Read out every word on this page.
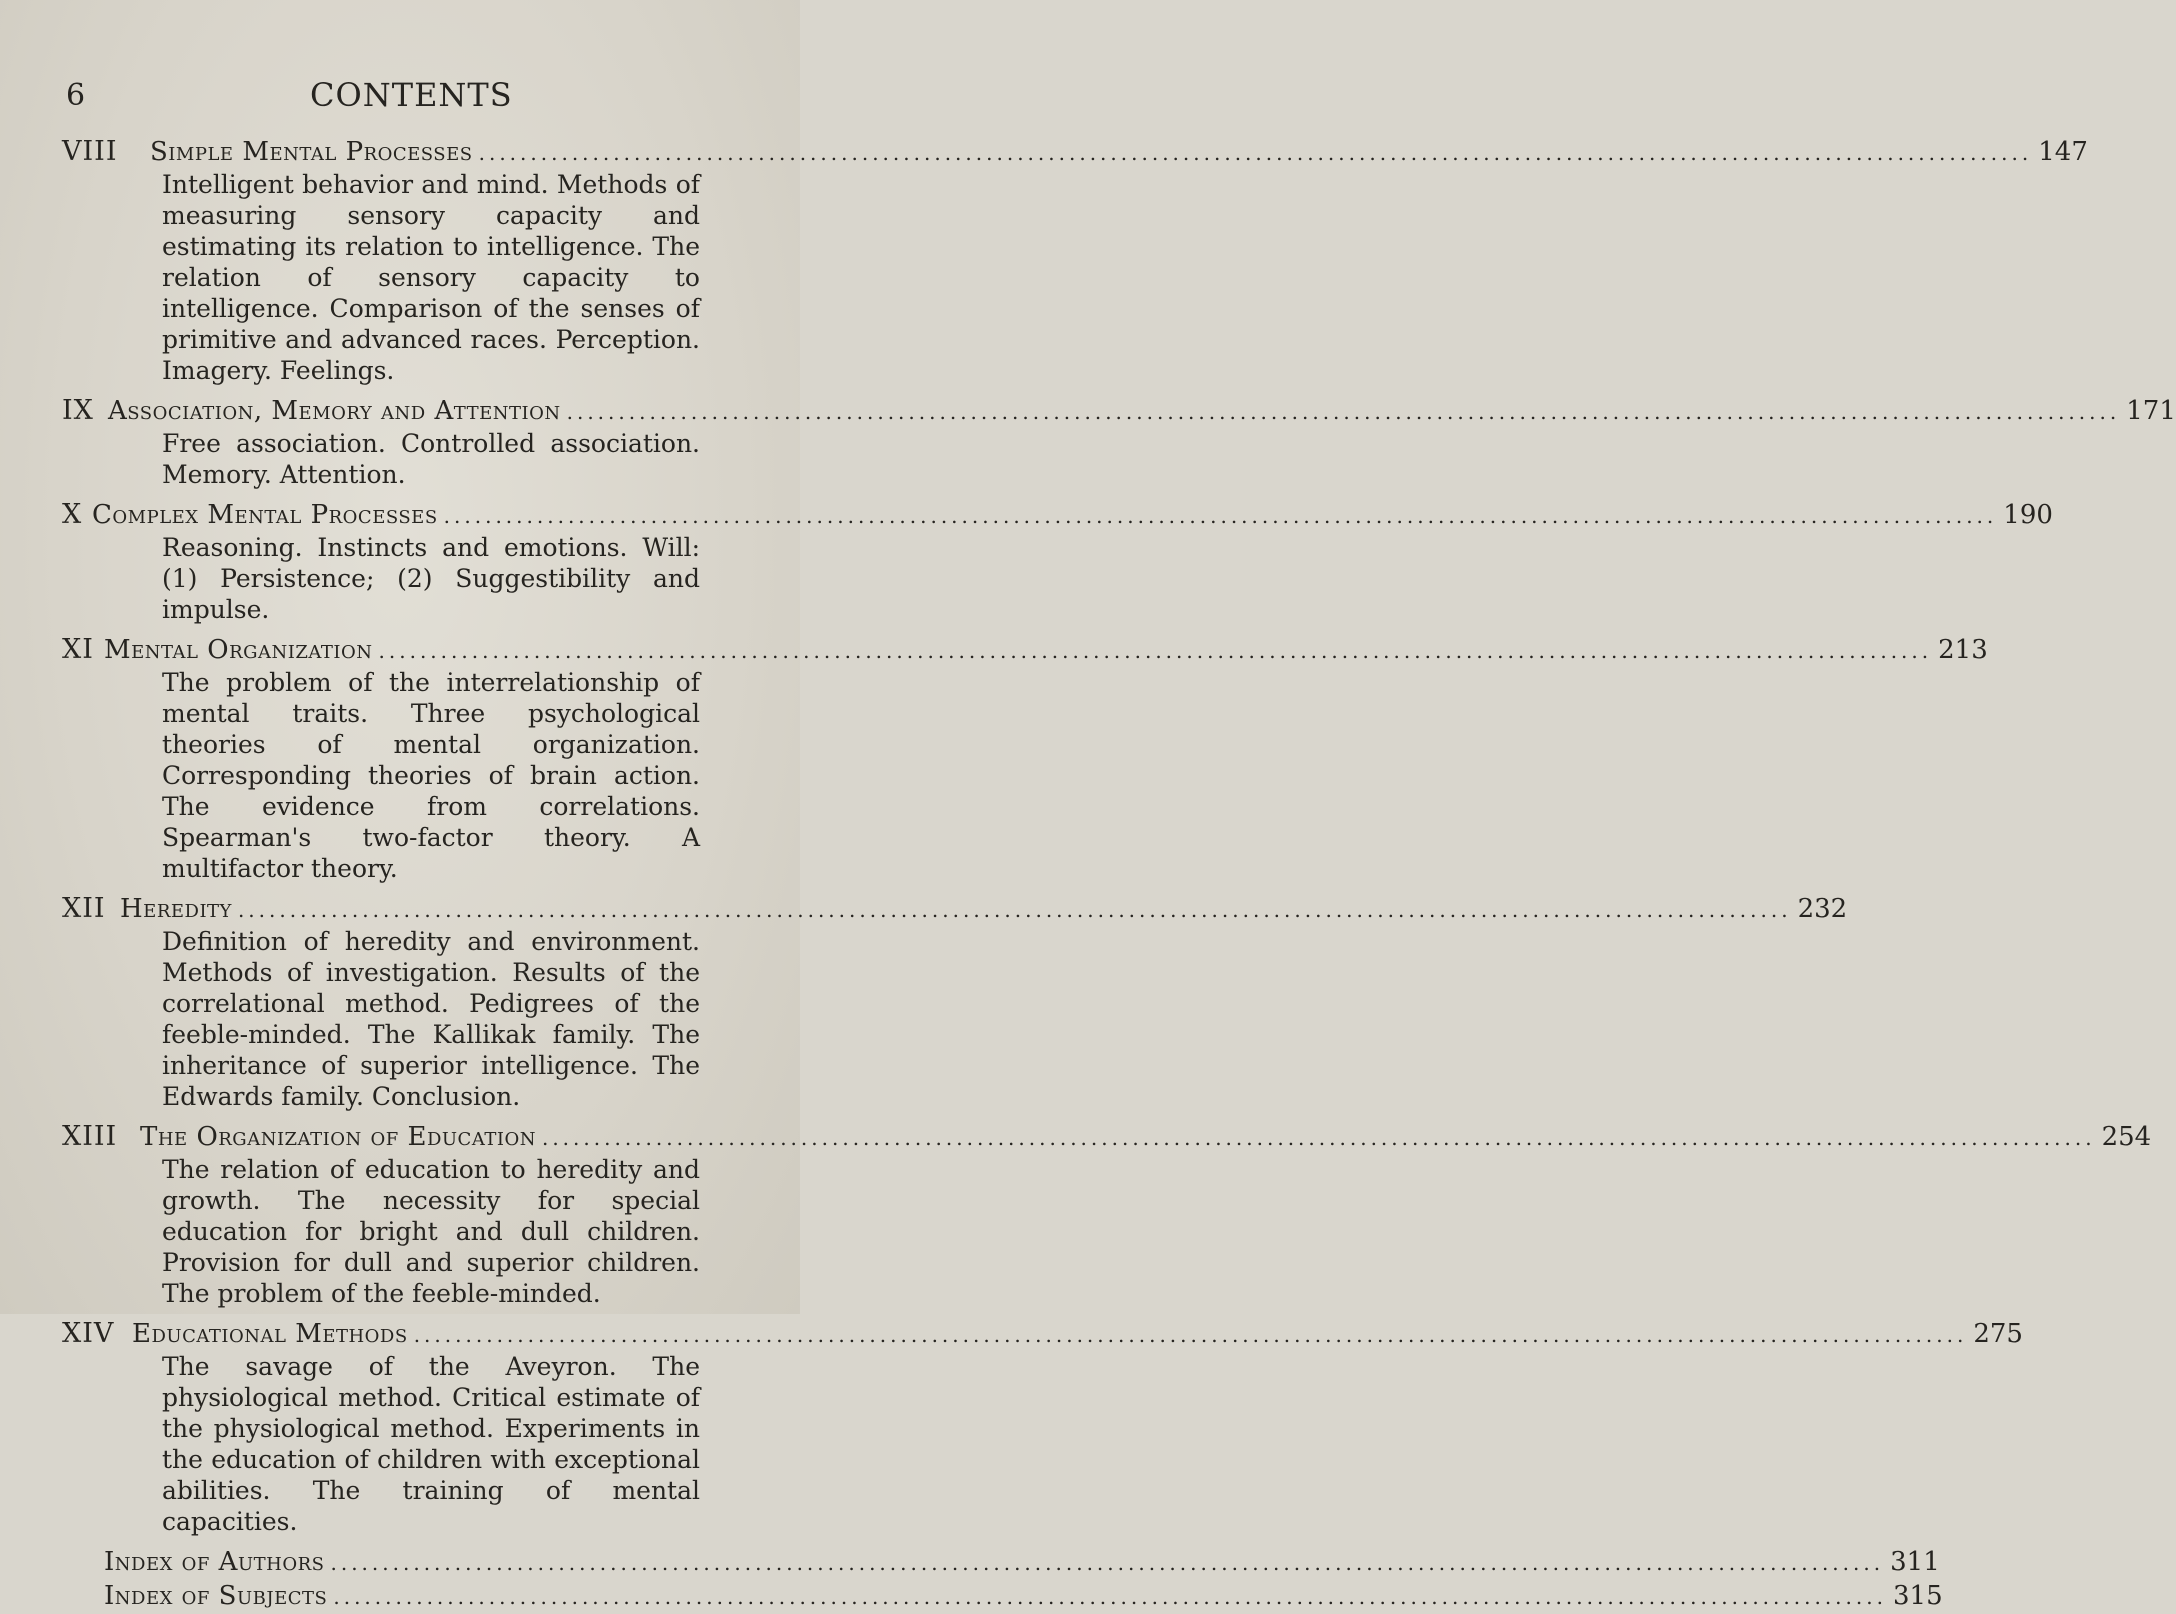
6	CONTENTS
VIII Simple Mental Processes .....	147
Intelligent behavior and mind. Methods of measuring sensory capacity and estimating its relation to intelligence. The relation of sensory capacity to intelligence. Comparison of the senses of primitive and advanced races. Perception. Imagery. Feelings.
IX Association, Memory and Attention .....	171
Free association. Controlled association. Memory. Attention.
X Complex Mental Processes .....	190
Reasoning. Instincts and emotions. Will: (1) Persistence; (2) Suggestibility and impulse.
XI Mental Organization .....	213
The problem of the interrelationship of mental traits. Three psychological theories of mental organization. Corresponding theories of brain action. The evidence from correlations. Spearman's two-factor theory. A multifactor theory.
XII Heredity .....	232
Definition of heredity and environment. Methods of investigation. Results of the correlational method. Pedigrees of the feeble-minded. The Kallikak family. The inheritance of superior intelligence. The Edwards family. Conclusion.
XIII The Organization of Education .....	254
The relation of education to heredity and growth. The necessity for special education for bright and dull children. Provision for dull and superior children. The problem of the feeble-minded.
XIV Educational Methods .....	275
The savage of the Aveyron. The physiological method. Critical estimate of the physiological method. Experiments in the education of children with exceptional abilities. The training of mental capacities.
Index of Authors .....	311
Index of Subjects .....	315
